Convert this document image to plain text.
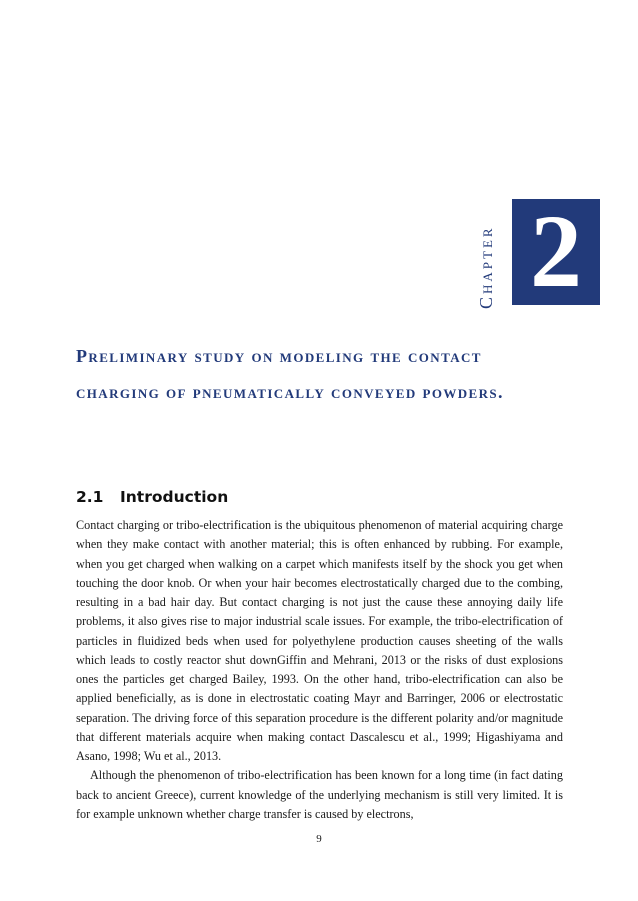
Chapter 2
Preliminary study on modeling the contact charging of pneumatically conveyed powders.
2.1 Introduction

Contact charging or tribo-electrification is the ubiquitous phenomenon of material acquiring charge when they make contact with another material; this is often enhanced by rubbing. For example, when you get charged when walking on a carpet which manifests itself by the shock you get when touching the door knob. Or when your hair becomes electrostatically charged due to the combing, resulting in a bad hair day. But contact charging is not just the cause these annoying daily life problems, it also gives rise to major industrial scale issues. For example, the tribo-electrification of particles in fluidized beds when used for polyethylene production causes sheeting of the walls which leads to costly reactor shut downGiffin and Mehrani, 2013 or the risks of dust explosions ones the particles get charged Bailey, 1993. On the other hand, tribo-electrification can also be applied beneficially, as is done in electrostatic coating Mayr and Barringer, 2006 or electrostatic separation. The driving force of this separation procedure is the different polarity and/or magnitude that different materials acquire when making contact Dascalescu et al., 1999; Higashiyama and Asano, 1998; Wu et al., 2013.

Although the phenomenon of tribo-electrification has been known for a long time (in fact dating back to ancient Greece), current knowledge of the underlying mechanism is still very limited. It is for example unknown whether charge transfer is caused by electrons,

9
